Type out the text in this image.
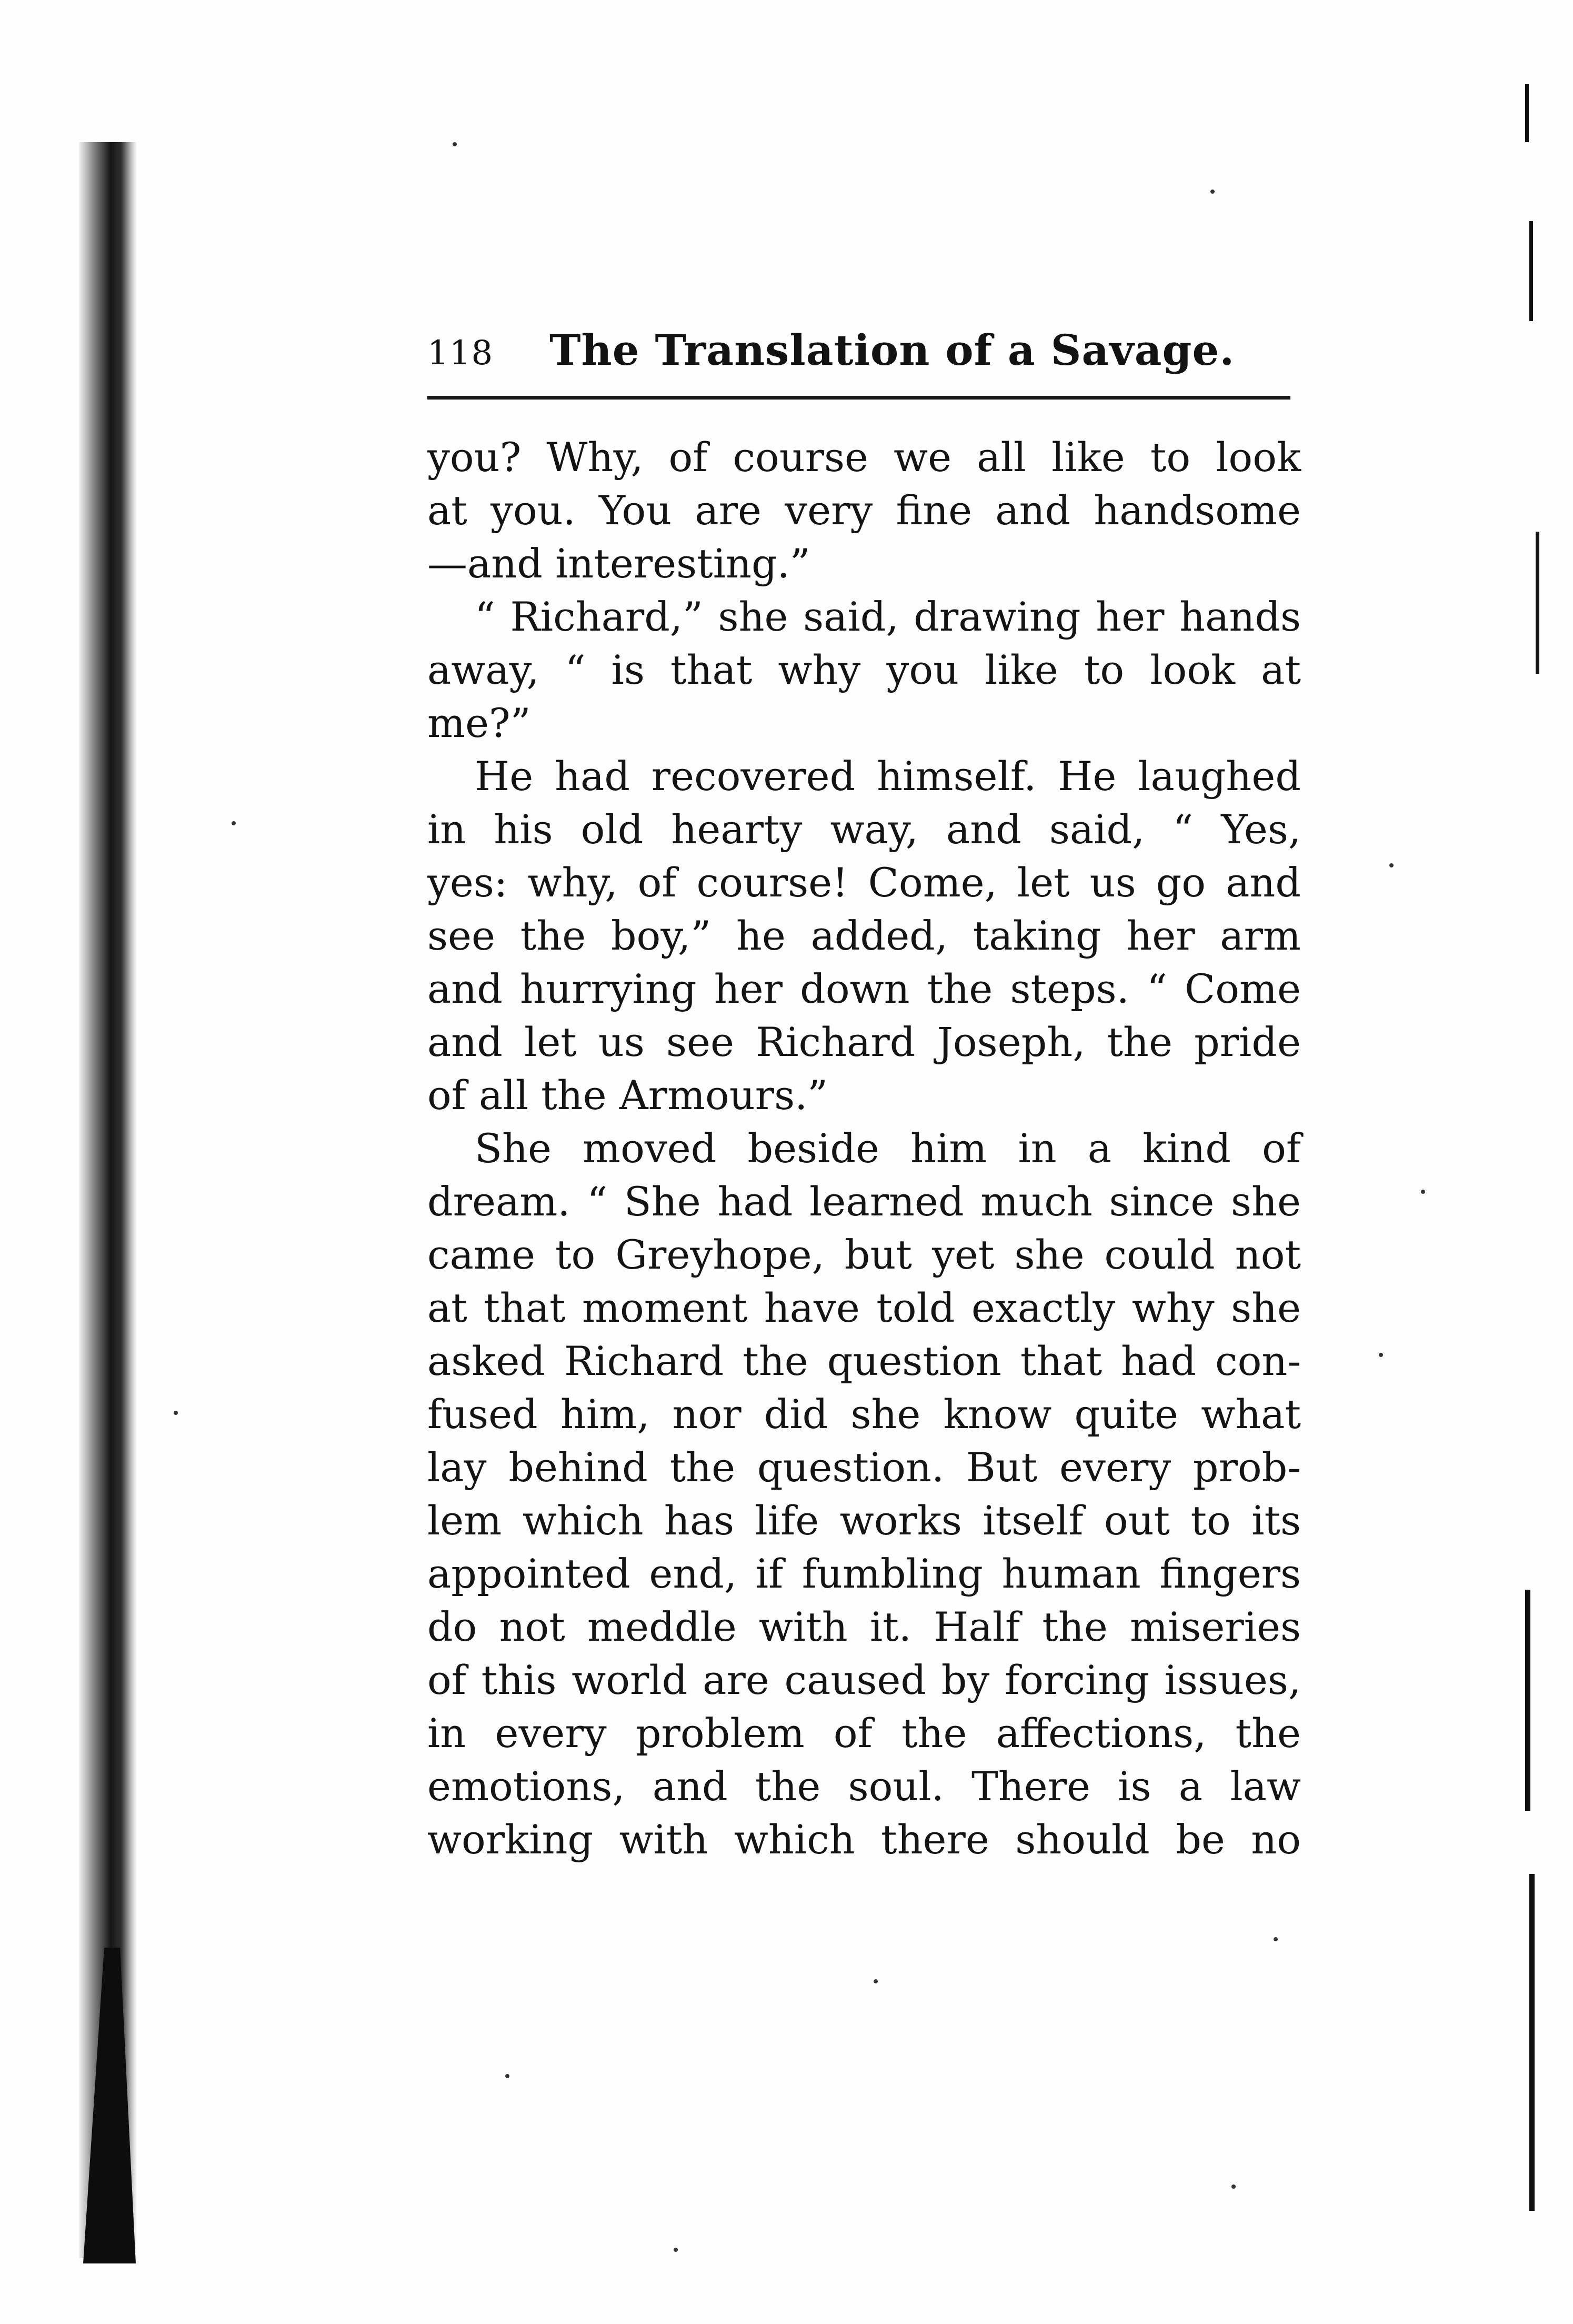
118 The Translation of a Savage.
you? Why, of course we all like to look
at you. You are very fine and handsome
—and interesting.”
“ Richard,” she said, drawing her hands
away, “ is that why you like to look at
me?”
He had recovered himself. He laughed
in his old hearty way, and said, “ Yes,
yes: why, of course! Come, let us go and
see the boy,” he added, taking her arm
and hurrying her down the steps. “ Come
and let us see Richard Joseph, the pride
of all the Armours.”
She moved beside him in a kind of
dream. “ She had learned much since she
came to Greyhope, but yet she could not
at that moment have told exactly why she
asked Richard the question that had con-
fused him, nor did she know quite what
lay behind the question. But every prob-
lem which has life works itself out to its
appointed end, if fumbling human fingers
do not meddle with it. Half the miseries
of this world are caused by forcing issues,
in every problem of the affections, the
emotions, and the soul. There is a law
working with which there should be no
